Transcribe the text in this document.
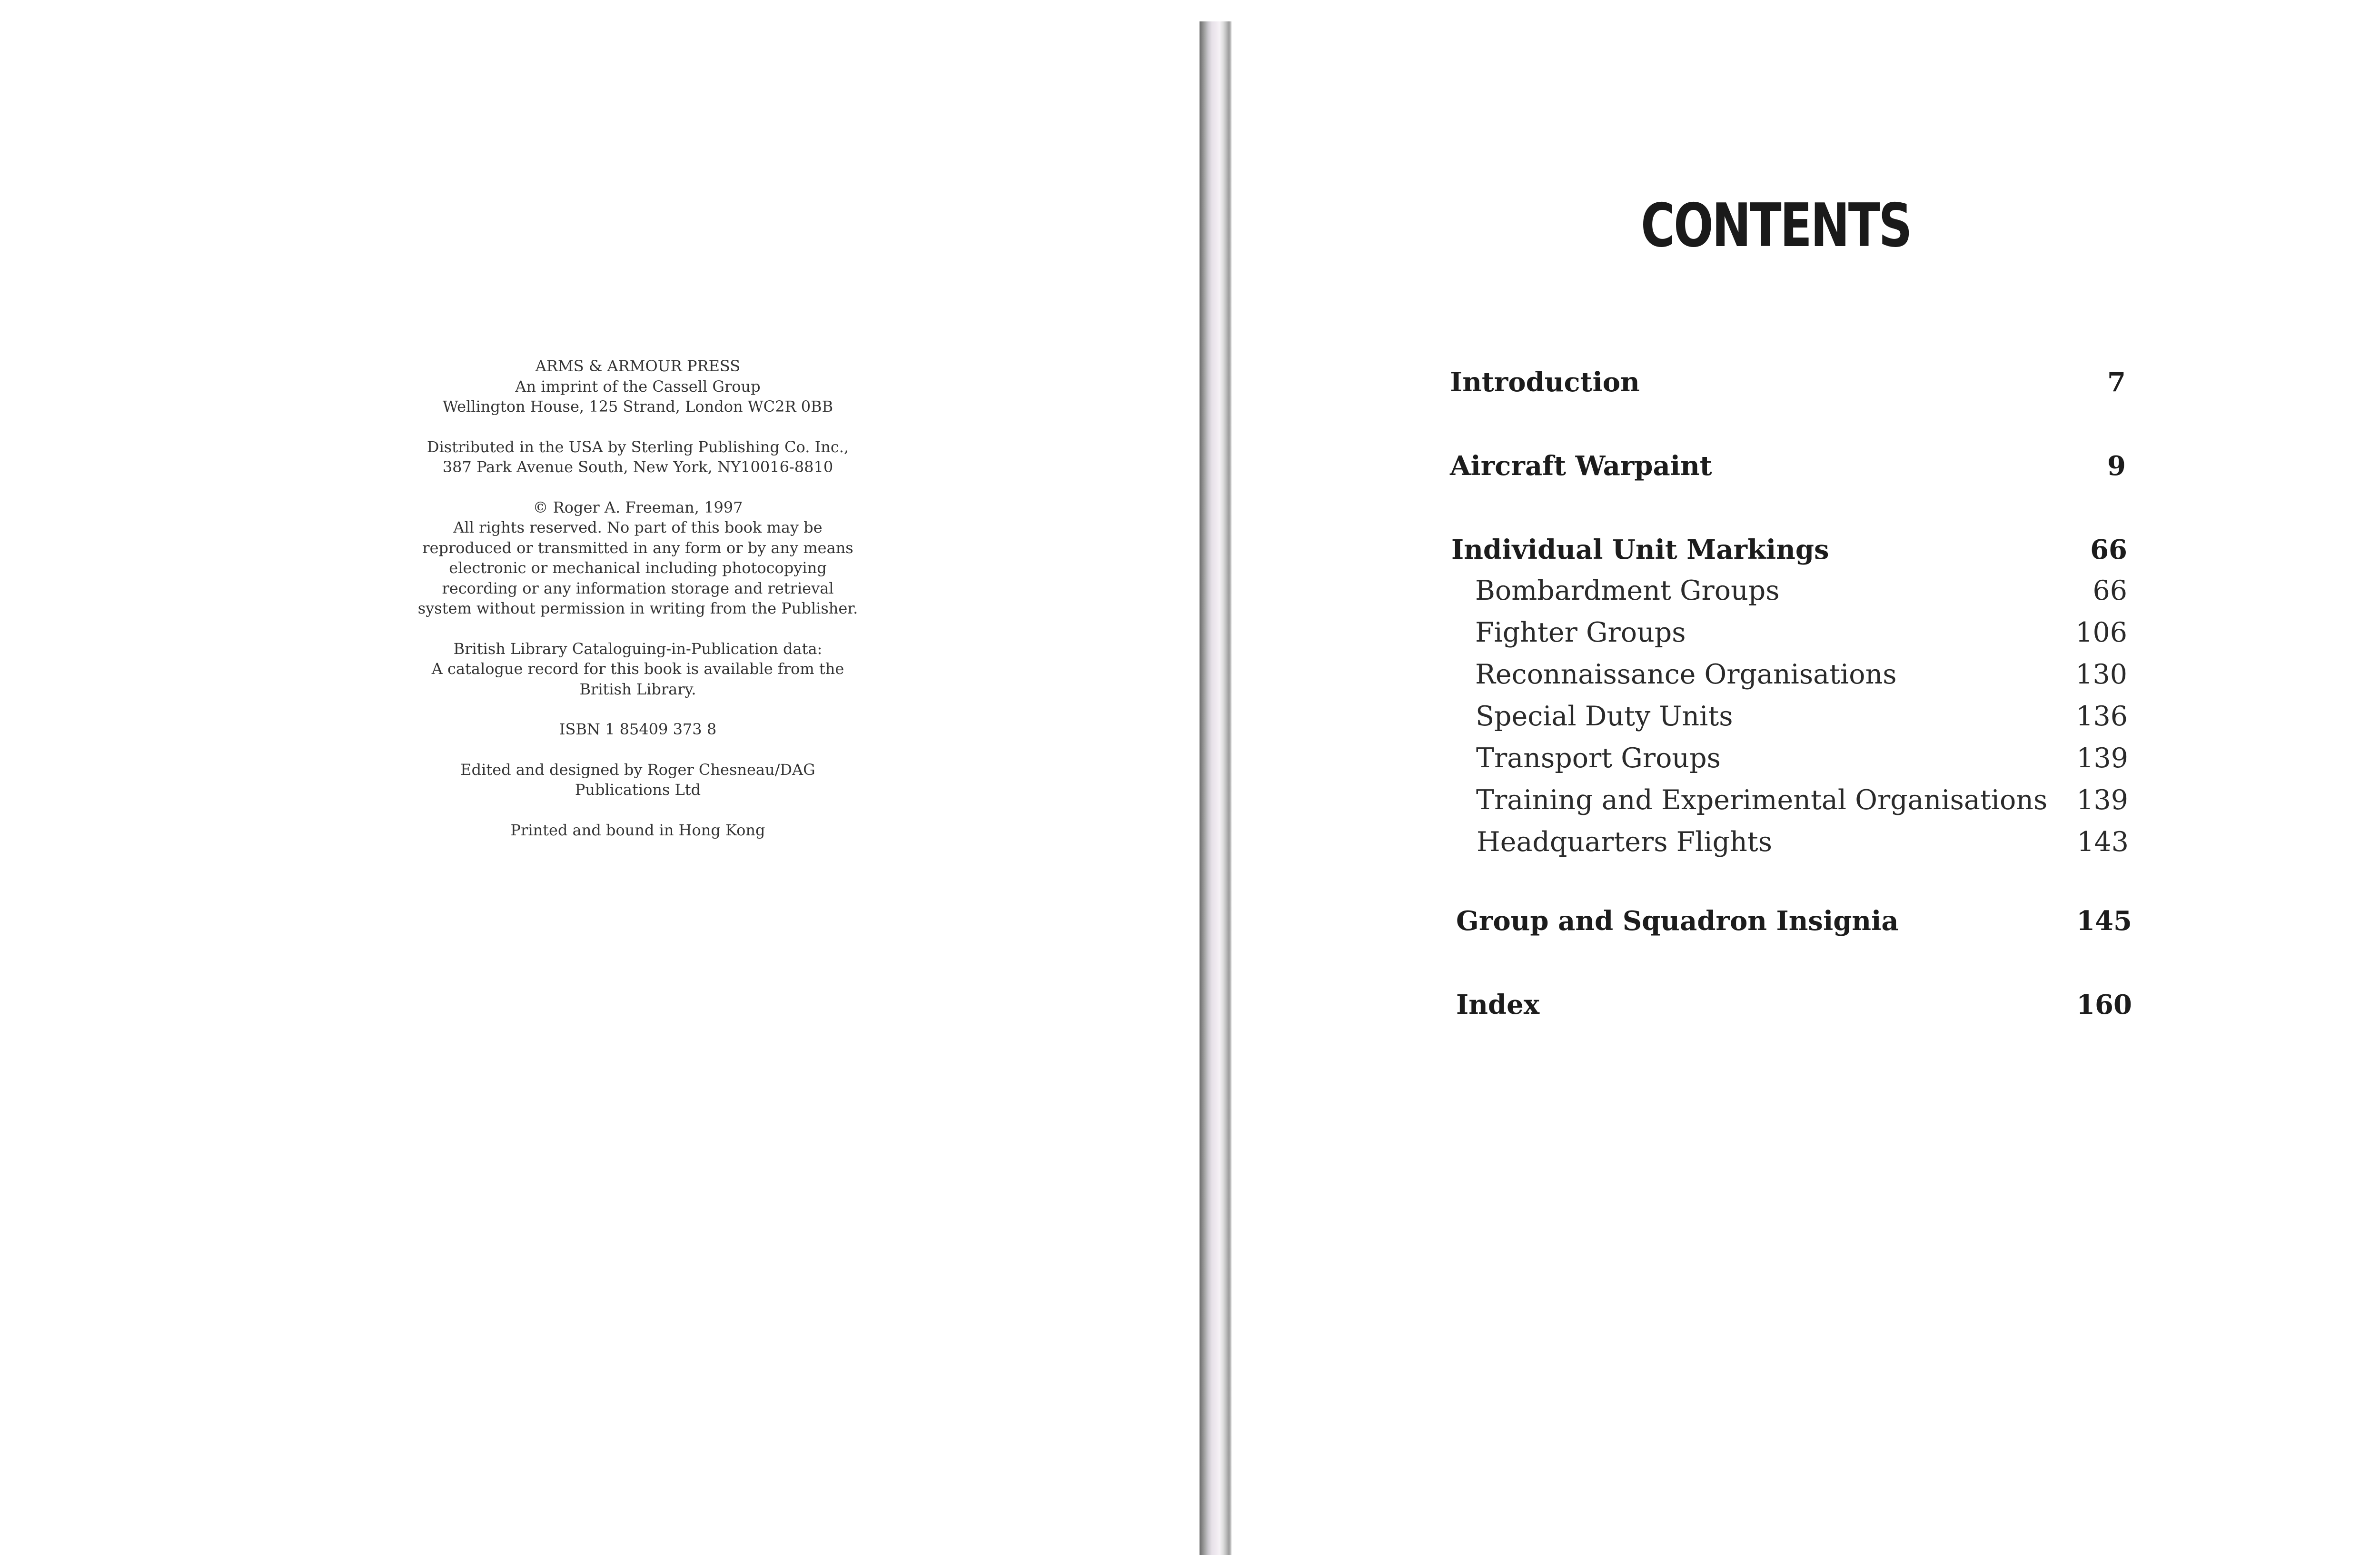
ARMS & ARMOUR PRESS
An imprint of the Cassell Group
Wellington House, 125 Strand, London WC2R 0BB
Distributed in the USA by Sterling Publishing Co. Inc.,
387 Park Avenue South, New York, NY10016-8810
© Roger A. Freeman, 1997
All rights reserved. No part of this book may be
reproduced or transmitted in any form or by any means
electronic or mechanical including photocopying
recording or any information storage and retrieval
system without permission in writing from the Publisher.
British Library Cataloguing-in-Publication data:
A catalogue record for this book is available from the
British Library.
ISBN 1 85409 373 8
Edited and designed by Roger Chesneau/DAG
Publications Ltd
Printed and bound in Hong Kong
CONTENTS
Introduction	7
Aircraft Warpaint	9
Individual Unit Markings	66
Bombardment Groups	66
Fighter Groups	106
Reconnaissance Organisations	130
Special Duty Units	136
Transport Groups	139
Training and Experimental Organisations 139
Headquarters Flights	143
Group and Squadron Insignia	145
Index	160
